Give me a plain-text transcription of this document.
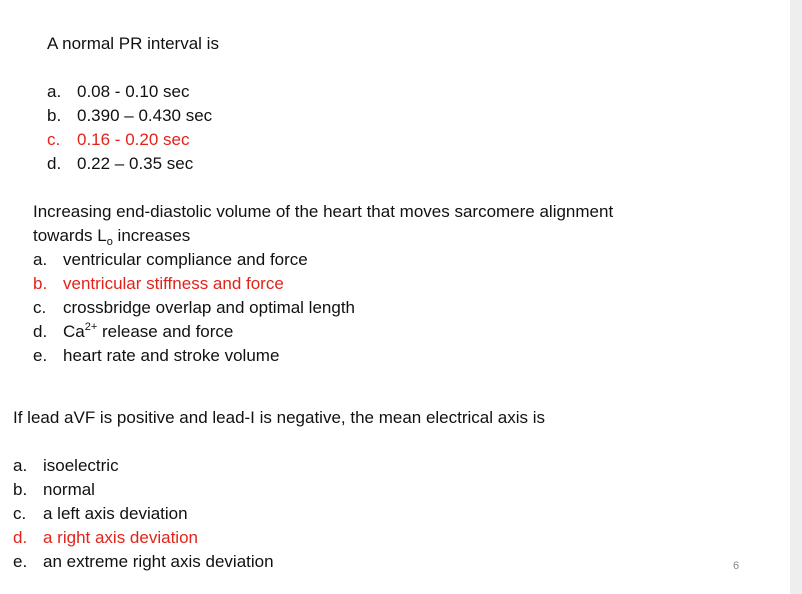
A normal PR interval is
a. 0.08 - 0.10 sec
b. 0.390 – 0.430 sec
c. 0.16 - 0.20 sec
d. 0.22 – 0.35 sec
Increasing end-diastolic volume of the heart that moves sarcomere alignment
towards $L_o$ increases
a. ventricular compliance and force
b. ventricular stiffness and force
c. crossbridge overlap and optimal length
d. $Ca^{2+}$ release and force
e. heart rate and stroke volume
If lead aVF is positive and lead-I is negative, the mean electrical axis is
a. isoelectric
b. normal
c. a left axis deviation
d. a right axis deviation
e. an extreme right axis deviation	6
